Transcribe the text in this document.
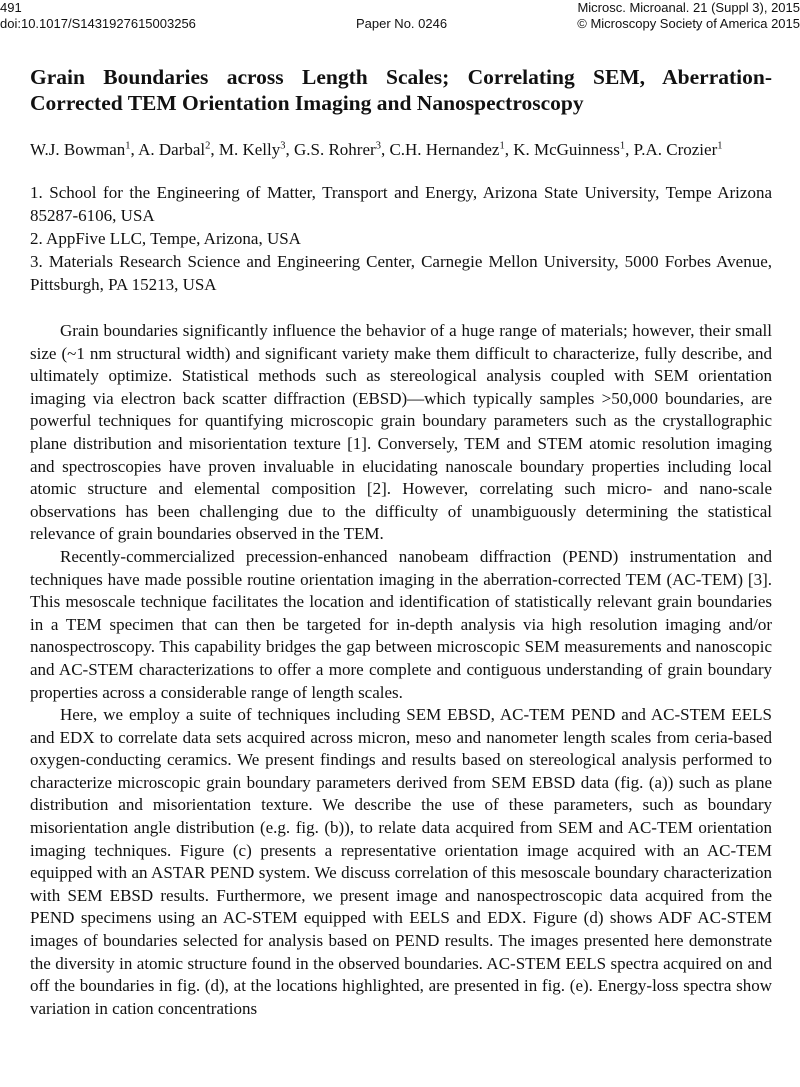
491
doi:10.1017/S1431927615003256	Paper No. 0246
Microsc. Microanal. 21 (Suppl 3), 2015
© Microscopy Society of America 2015
Grain Boundaries across Length Scales; Correlating SEM, Aberration-Corrected TEM Orientation Imaging and Nanospectroscopy
W.J. Bowman$^1$, A. Darbal$^2$, M. Kelly$^3$, G.S. Rohrer$^3$, C.H. Hernandez$^1$, K. McGuinness$^1$, P.A. Crozier$^1$

1. School for the Engineering of Matter, Transport and Energy, Arizona State University, Tempe Arizona 85287-6106, USA

2. AppFive LLC, Tempe, Arizona, USA

3. Materials Research Science and Engineering Center, Carnegie Mellon University, 5000 Forbes Avenue, Pittsburgh, PA 15213, USA

Grain boundaries significantly influence the behavior of a huge range of materials; however, their small size (~1 nm structural width) and significant variety make them difficult to characterize, fully describe, and ultimately optimize. Statistical methods such as stereological analysis coupled with SEM orientation imaging via electron back scatter diffraction (EBSD)—which typically samples >50,000 boundaries, are powerful techniques for quantifying microscopic grain boundary parameters such as the crystallographic plane distribution and misorientation texture [1]. Conversely, TEM and STEM atomic resolution imaging and spectroscopies have proven invaluable in elucidating nanoscale boundary properties including local atomic structure and elemental composition [2]. However, correlating such micro- and nano-scale observations has been challenging due to the difficulty of unambiguously determining the statistical relevance of grain boundaries observed in the TEM.

Recently-commercialized precession-enhanced nanobeam diffraction (PEND) instrumentation and techniques have made possible routine orientation imaging in the aberration-corrected TEM (AC-TEM) [3]. This mesoscale technique facilitates the location and identification of statistically relevant grain boundaries in a TEM specimen that can then be targeted for in-depth analysis via high resolution imaging and/or nanospectroscopy. This capability bridges the gap between microscopic SEM measurements and nanoscopic and AC-STEM characterizations to offer a more complete and contiguous understanding of grain boundary properties across a considerable range of length scales.

Here, we employ a suite of techniques including SEM EBSD, AC-TEM PEND and AC-STEM EELS and EDX to correlate data sets acquired across micron, meso and nanometer length scales from ceria-based oxygen-conducting ceramics. We present findings and results based on stereological analysis performed to characterize microscopic grain boundary parameters derived from SEM EBSD data (fig. (a)) such as plane distribution and misorientation texture. We describe the use of these parameters, such as boundary misorientation angle distribution (e.g. fig. (b)), to relate data acquired from SEM and AC-TEM orientation imaging techniques. Figure (c) presents a representative orientation image acquired with an AC-TEM equipped with an ASTAR PEND system. We discuss correlation of this mesoscale boundary characterization with SEM EBSD results. Furthermore, we present image and nanospectroscopic data acquired from the PEND specimens using an AC-STEM equipped with EELS and EDX. Figure (d) shows ADF AC-STEM images of boundaries selected for analysis based on PEND results. The images presented here demonstrate the diversity in atomic structure found in the observed boundaries. AC-STEM EELS spectra acquired on and off the boundaries in fig. (d), at the locations highlighted, are presented in fig. (e). Energy-loss spectra show variation in cation concentrations
